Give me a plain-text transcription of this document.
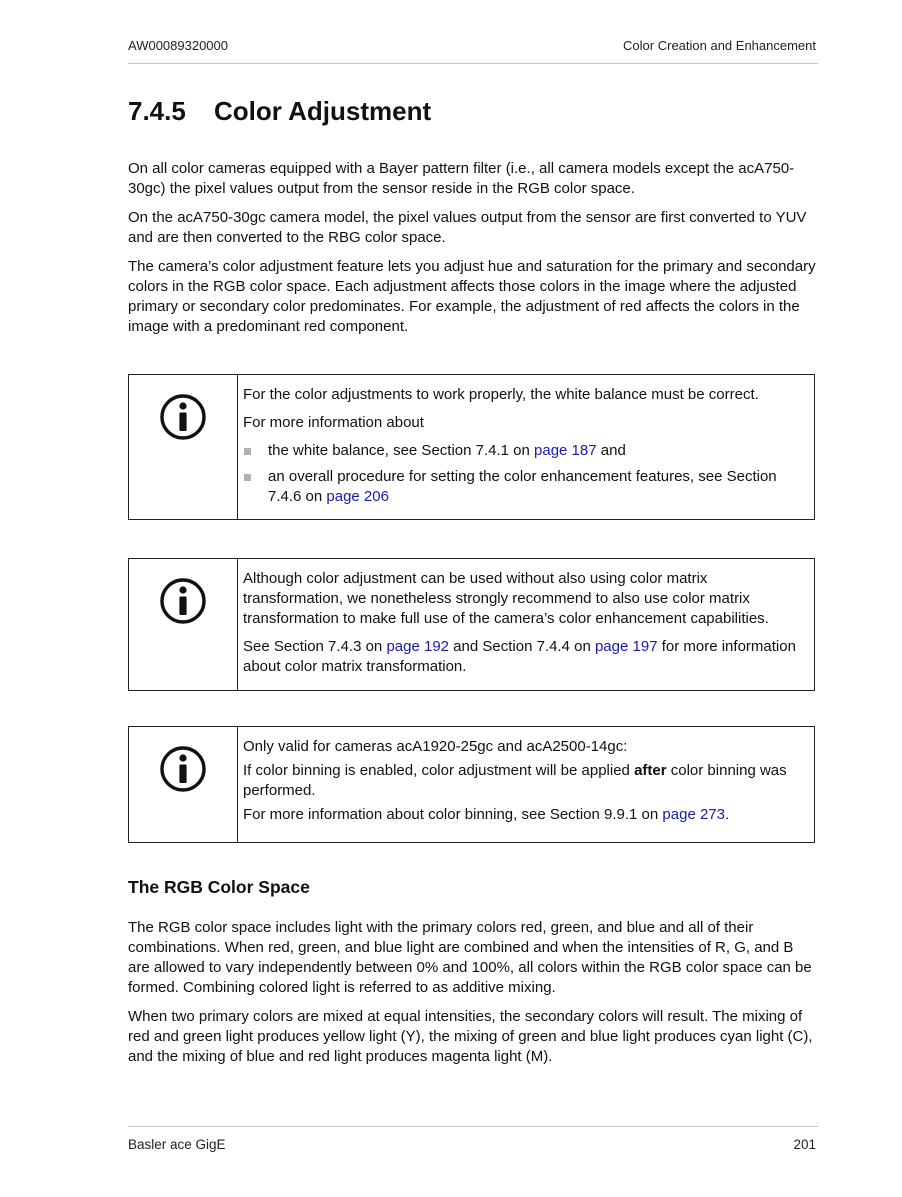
AW00089320000	Color Creation and Enhancement
7.4.5 Color Adjustment

On all color cameras equipped with a Bayer pattern filter (i.e., all camera models except the acA750-30gc) the pixel values output from the sensor reside in the RGB color space.

On the acA750-30gc camera model, the pixel values output from the sensor are first converted to YUV and are then converted to the RBG color space.

The camera’s color adjustment feature lets you adjust hue and saturation for the primary and secondary colors in the RGB color space. Each adjustment affects those colors in the image where the adjusted primary or secondary color predominates. For example, the adjustment of red affects the colors in the image with a predominant red component.

For the color adjustments to work properly, the white balance must be correct.

For more information about

the white balance, see Section 7.4.1 on page 187 and
an overall procedure for setting the color enhancement features, see Section 7.4.6 on page 206

Although color adjustment can be used without also using color matrix transformation, we nonetheless strongly recommend to also use color matrix transformation to make full use of the camera’s color enhancement capabilities.

See Section 7.4.3 on page 192 and Section 7.4.4 on page 197 for more information about color matrix transformation.

Only valid for cameras acA1920-25gc and acA2500-14gc:

If color binning is enabled, color adjustment will be applied after color binning was performed.

For more information about color binning, see Section 9.9.1 on page 273.

The RGB Color Space

The RGB color space includes light with the primary colors red, green, and blue and all of their combinations. When red, green, and blue light are combined and when the intensities of R, G, and B are allowed to vary independently between 0% and 100%, all colors within the RGB color space can be formed. Combining colored light is referred to as additive mixing.

When two primary colors are mixed at equal intensities, the secondary colors will result. The mixing of red and green light produces yellow light (Y), the mixing of green and blue light produces cyan light (C), and the mixing of blue and red light produces magenta light (M).

Basler ace GigE	201
